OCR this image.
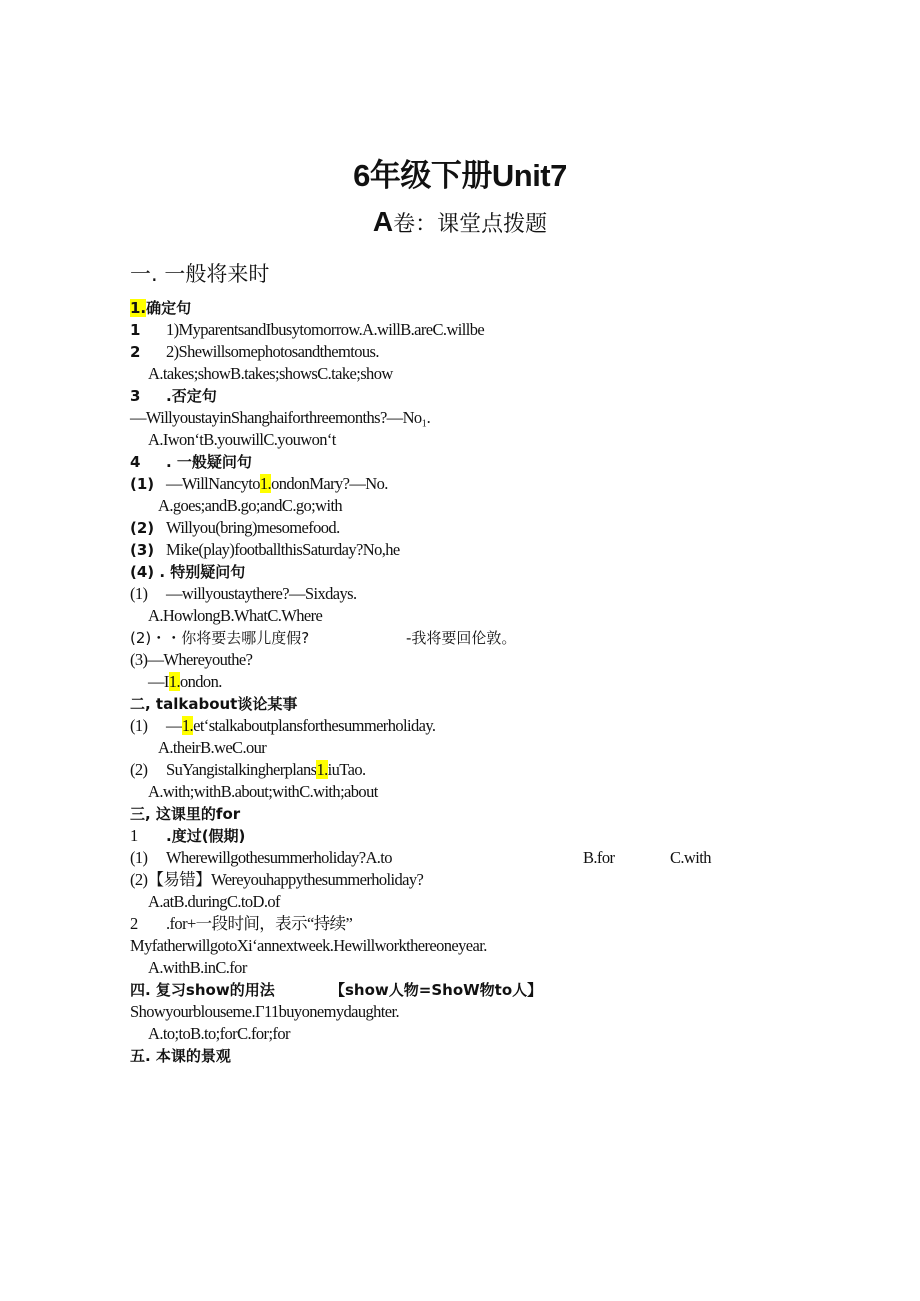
6年级下册Unit7
A卷：课堂点拨题
一. 一般将来时
1.确定句
1 1)MyparentsandIbusytomorrow.A.willB.areC.willbe
2 2)Shewillsomephotosandthemtous.
A.takes;showB.takes;showsC.take;show
3 .否定句
—WillyoustayinShanghaiforthreemonths?—No₁.
A.IwonʻtB.youwillC.youwonʻt
4 . 一般疑问句
(1) —WillNancyto1.ondonMary?—No.
A.goes;andB.go;andC.go;with
(2) Willyou(bring)mesomefood.
(3) Mike(play)footballthisSaturday?No,he
(4) . 特别疑问句
(1) —willyoustaythere?—Sixdays.
A.HowlongB.WhatC.Where
(2)・・你将要去哪儿度假?	-我将要回伦敦。
(3)—Whereyouthe?
—I1.ondon.
二, talkabout谈论某事
(1) —1.etʻstalkaboutplansforthesummerholiday.
A.theirB.weC.our
(2) SuYangistalkingherplans1.iuTao.
A.with;withB.about;withC.with;about
三, 这课里的for
1 .度过(假期)
(1) Wherewillgothesummerholiday?A.to	B.for	C.with
(2)【易错】Wereyouhappythesummerholiday?
A.atB.duringC.toD.of
2 .for+一段时间，表示“持续”
MyfatherwillgotoXiʻannextweek.Hewillworkthereoneyear.
A.withB.inC.for
四. 复习show的用法	【show人物=ShoW物to人】
Showyourblouseme.Г11buyonemydaughter.
A.to;toB.to;forC.for;for
五. 本课的景观
